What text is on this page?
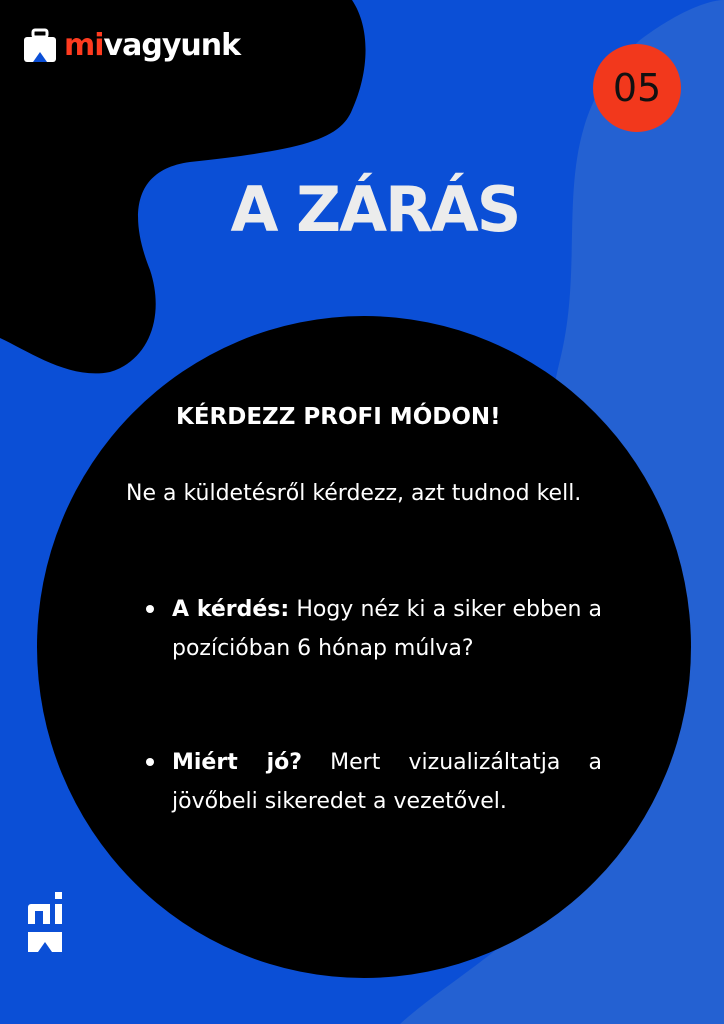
mivagyunk
05
A ZÁRÁS
KÉRDEZZ PROFI MÓDON!
Ne a küldetésről kérdezz, azt tudnod kell.
A kérdés: Hogy néz ki a siker ebben a pozícióban 6 hónap múlva?
Miért jó? Mert vizualizáltatja a jövőbeli sikeredet a vezetővel.
